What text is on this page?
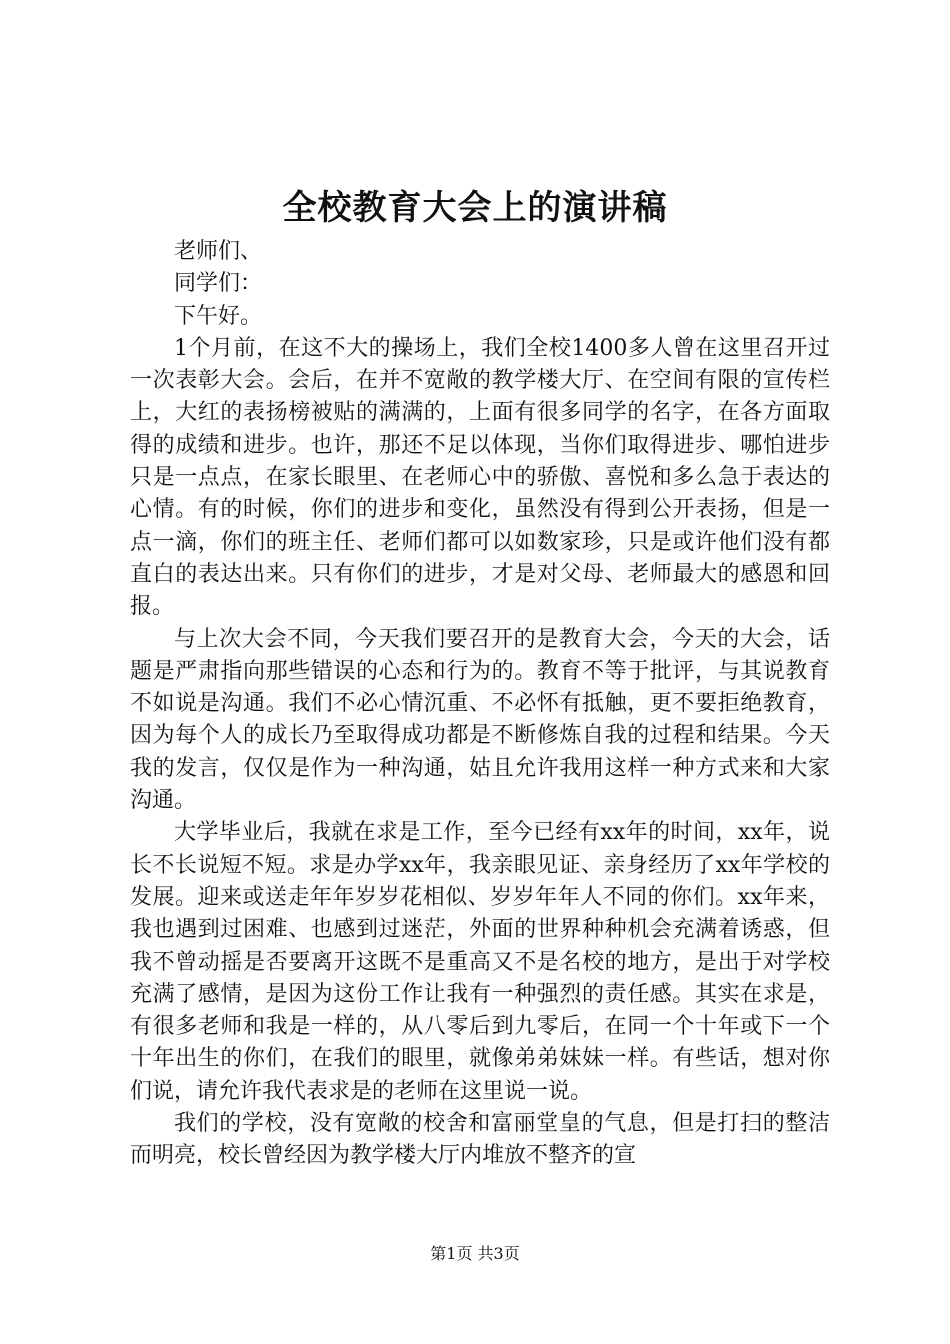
全校教育大会上的演讲稿

老师们、

同学们：

下午好。

1个月前，在这不大的操场上，我们全校1400多人曾在这里召开过一次表彰大会。会后，在并不宽敞的教学楼大厅、在空间有限的宣传栏上，大红的表扬榜被贴的满满的，上面有很多同学的名字，在各方面取得的成绩和进步。也许，那还不足以体现，当你们取得进步、哪怕进步只是一点点，在家长眼里、在老师心中的骄傲、喜悦和多么急于表达的心情。有的时候，你们的进步和变化，虽然没有得到公开表扬，但是一点一滴，你们的班主任、老师们都可以如数家珍，只是或许他们没有都直白的表达出来。只有你们的进步，才是对父母、老师最大的感恩和回报。

与上次大会不同，今天我们要召开的是教育大会，今天的大会，话题是严肃指向那些错误的心态和行为的。教育不等于批评，与其说教育不如说是沟通。我们不必心情沉重、不必怀有抵触，更不要拒绝教育，因为每个人的成长乃至取得成功都是不断修炼自我的过程和结果。今天我的发言，仅仅是作为一种沟通，姑且允许我用这样一种方式来和大家沟通。

大学毕业后，我就在求是工作，至今已经有xx年的时间，xx年，说长不长说短不短。求是办学xx年，我亲眼见证、亲身经历了xx年学校的发展。迎来或送走年年岁岁花相似、岁岁年年人不同的你们。xx年来，我也遇到过困难、也感到过迷茫，外面的世界种种机会充满着诱惑，但我不曾动摇是否要离开这既不是重高又不是名校的地方，是出于对学校充满了感情，是因为这份工作让我有一种强烈的责任感。其实在求是，有很多老师和我是一样的，从八零后到九零后，在同一个十年或下一个十年出生的你们，在我们的眼里，就像弟弟妹妹一样。有些话，想对你们说，请允许我代表求是的老师在这里说一说。

我们的学校，没有宽敞的校舍和富丽堂皇的气息，但是打扫的整洁而明亮，校长曾经因为教学楼大厅内堆放不整齐的宣

第1页 共3页
